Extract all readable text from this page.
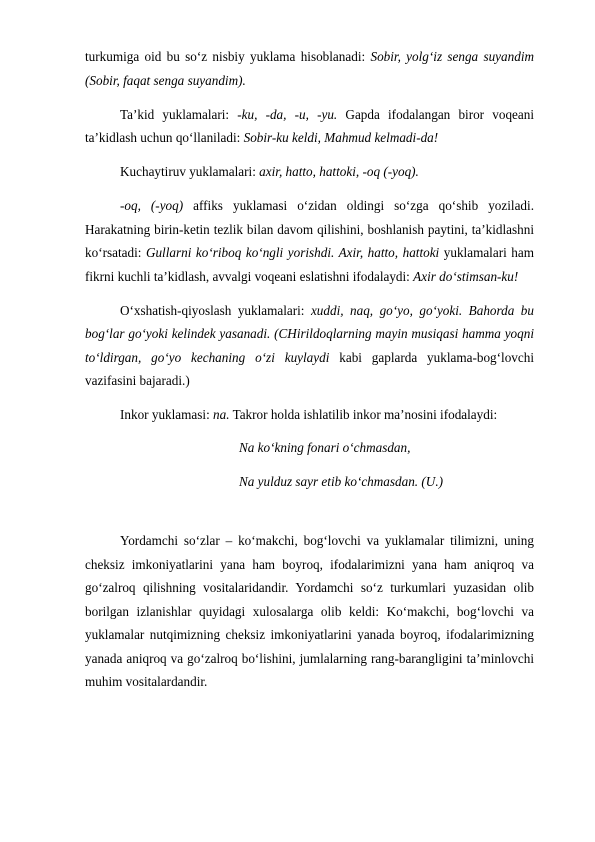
turkumiga oid bu so‘z nisbiy yuklama hisoblanadi: Sobir, yolg‘iz senga suyandim (Sobir, faqat senga suyandim).

Ta’kid yuklamalari: -ku, -da, -u, -yu. Gapda ifodalangan biror voqeani ta’kidlash uchun qo‘llaniladi: Sobir-ku keldi, Mahmud kelmadi-da!

Kuchaytiruv yuklamalari: axir, hatto, hattoki, -oq (-yoq).

-oq, (-yoq) affiks yuklamasi o‘zidan oldingi so‘zga qo‘shib yoziladi. Harakatning birin-ketin tezlik bilan davom qilishini, boshlanish paytini, ta’kidlashni ko‘rsatadi: Gullarni ko‘riboq ko‘ngli yorishdi. Axir, hatto, hattoki yuklamalari ham fikrni kuchli ta’kidlash, avvalgi voqeani eslatishni ifodalaydi: Axir do‘stimsan-ku!

O‘xshatish-qiyoslash yuklamalari: xuddi, naq, go‘yo, go‘yoki. Bahorda bu bog‘lar go‘yoki kelindek yasanadi. (CHirildoqlarning mayin musiqasi hamma yoqni to‘ldirgan, go‘yo kechaning o‘zi kuylaydi kabi gaplarda yuklama-bog‘lovchi vazifasini bajaradi.)

Inkor yuklamasi: na. Takror holda ishlatilib inkor ma’nosini ifodalaydi:

Na ko‘kning fonari o‘chmasdan,
Na yulduz sayr etib ko‘chmasdan. (U.)

Yordamchi so‘zlar – ko‘makchi, bog‘lovchi va yuklamalar tilimizni, uning cheksiz imkoniyatlarini yana ham boyroq, ifodalarimizni yana ham aniqroq va go‘zalroq qilishning vositalaridandir. Yordamchi so‘z turkumlari yuzasidan olib borilgan izlanishlar quyidagi xulosalarga olib keldi: Ko‘makchi, bog‘lovchi va yuklamalar nutqimizning cheksiz imkoniyatlarini yanada boyroq, ifodalarimizning yanada aniqroq va go‘zalroq bo‘lishini, jumlalarning rang-barangligini ta’minlovchi muhim vositalardandir.
